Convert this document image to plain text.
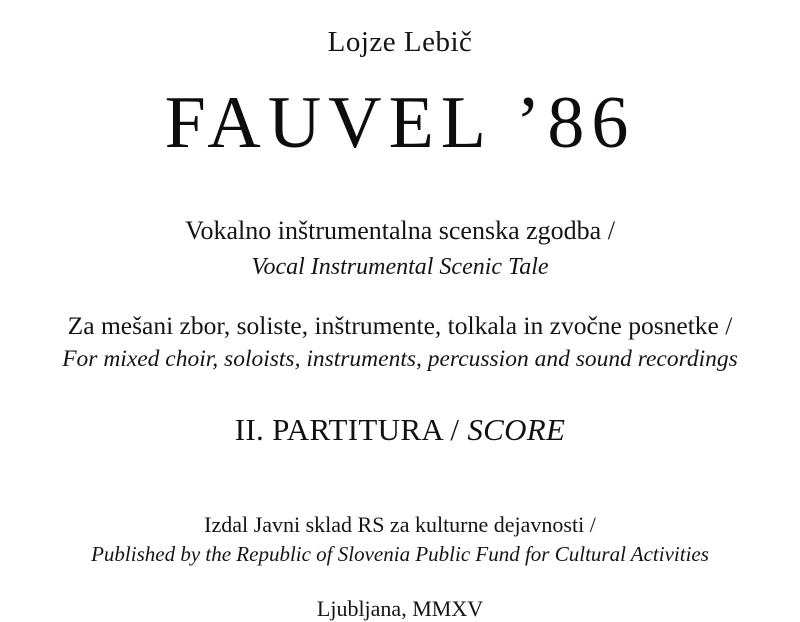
Lojze Lebič
FAUVEL ’86
Vokalno inštrumentalna scenska zgodba /
Vocal Instrumental Scenic Tale
Za mešani zbor, soliste, inštrumente, tolkala in zvočne posnetke /
For mixed choir, soloists, instruments, percussion and sound recordings
II. PARTITURA / SCORE
Izdal Javni sklad RS za kulturne dejavnosti /
Published by the Republic of Slovenia Public Fund for Cultural Activities
Ljubljana, MMXV
